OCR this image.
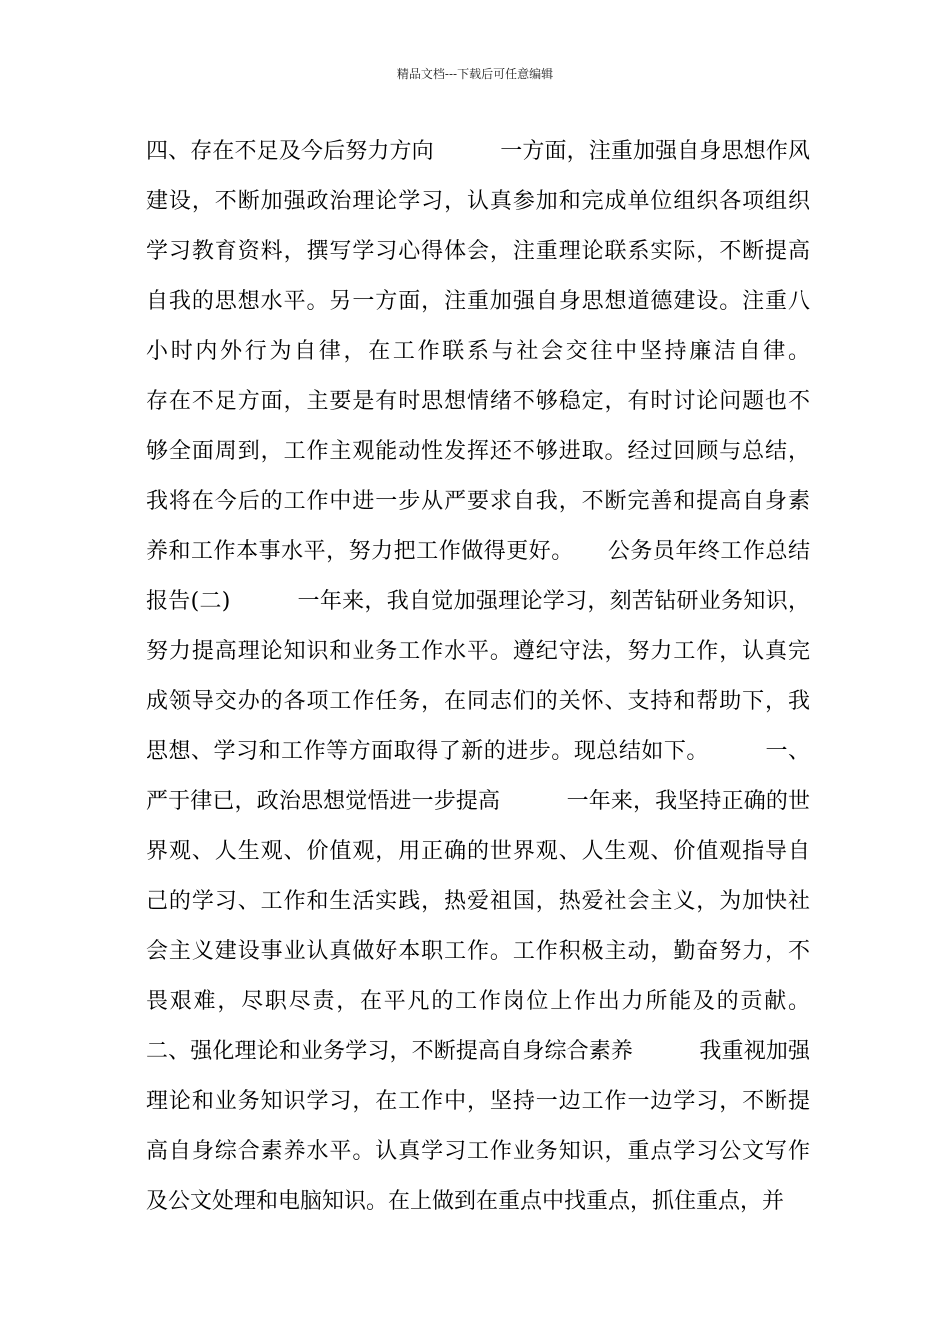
精品文档---下载后可任意编辑
四、存在不足及今后努力方向　　　一方面，注重加强自身思想作风
建设，不断加强政治理论学习，认真参加和完成单位组织各项组织
学习教育资料，撰写学习心得体会，注重理论联系实际，不断提高
自我的思想水平。另一方面，注重加强自身思想道德建设。注重八
小时内外行为自律，在工作联系与社会交往中坚持廉洁自律。
存在不足方面，主要是有时思想情绪不够稳定，有时讨论问题也不
够全面周到，工作主观能动性发挥还不够进取。经过回顾与总结，
我将在今后的工作中进一步从严要求自我，不断完善和提高自身素
养和工作本事水平，努力把工作做得更好。　　公务员年终工作总结
报告(二)　　　一年来，我自觉加强理论学习，刻苦钻研业务知识，
努力提高理论知识和业务工作水平。遵纪守法，努力工作，认真完
成领导交办的各项工作任务，在同志们的关怀、支持和帮助下，我
思想、学习和工作等方面取得了新的进步。现总结如下。　　　一、
严于律已，政治思想觉悟进一步提高　　　一年来，我坚持正确的世
界观、人生观、价值观，用正确的世界观、人生观、价值观指导自
己的学习、工作和生活实践，热爱祖国，热爱社会主义，为加快社
会主义建设事业认真做好本职工作。工作积极主动，勤奋努力，不
畏艰难，尽职尽责，在平凡的工作岗位上作出力所能及的贡献。
二、强化理论和业务学习，不断提高自身综合素养　　　我重视加强
理论和业务知识学习，在工作中，坚持一边工作一边学习，不断提
高自身综合素养水平。认真学习工作业务知识，重点学习公文写作
及公文处理和电脑知识。在上做到在重点中找重点，抓住重点，并
